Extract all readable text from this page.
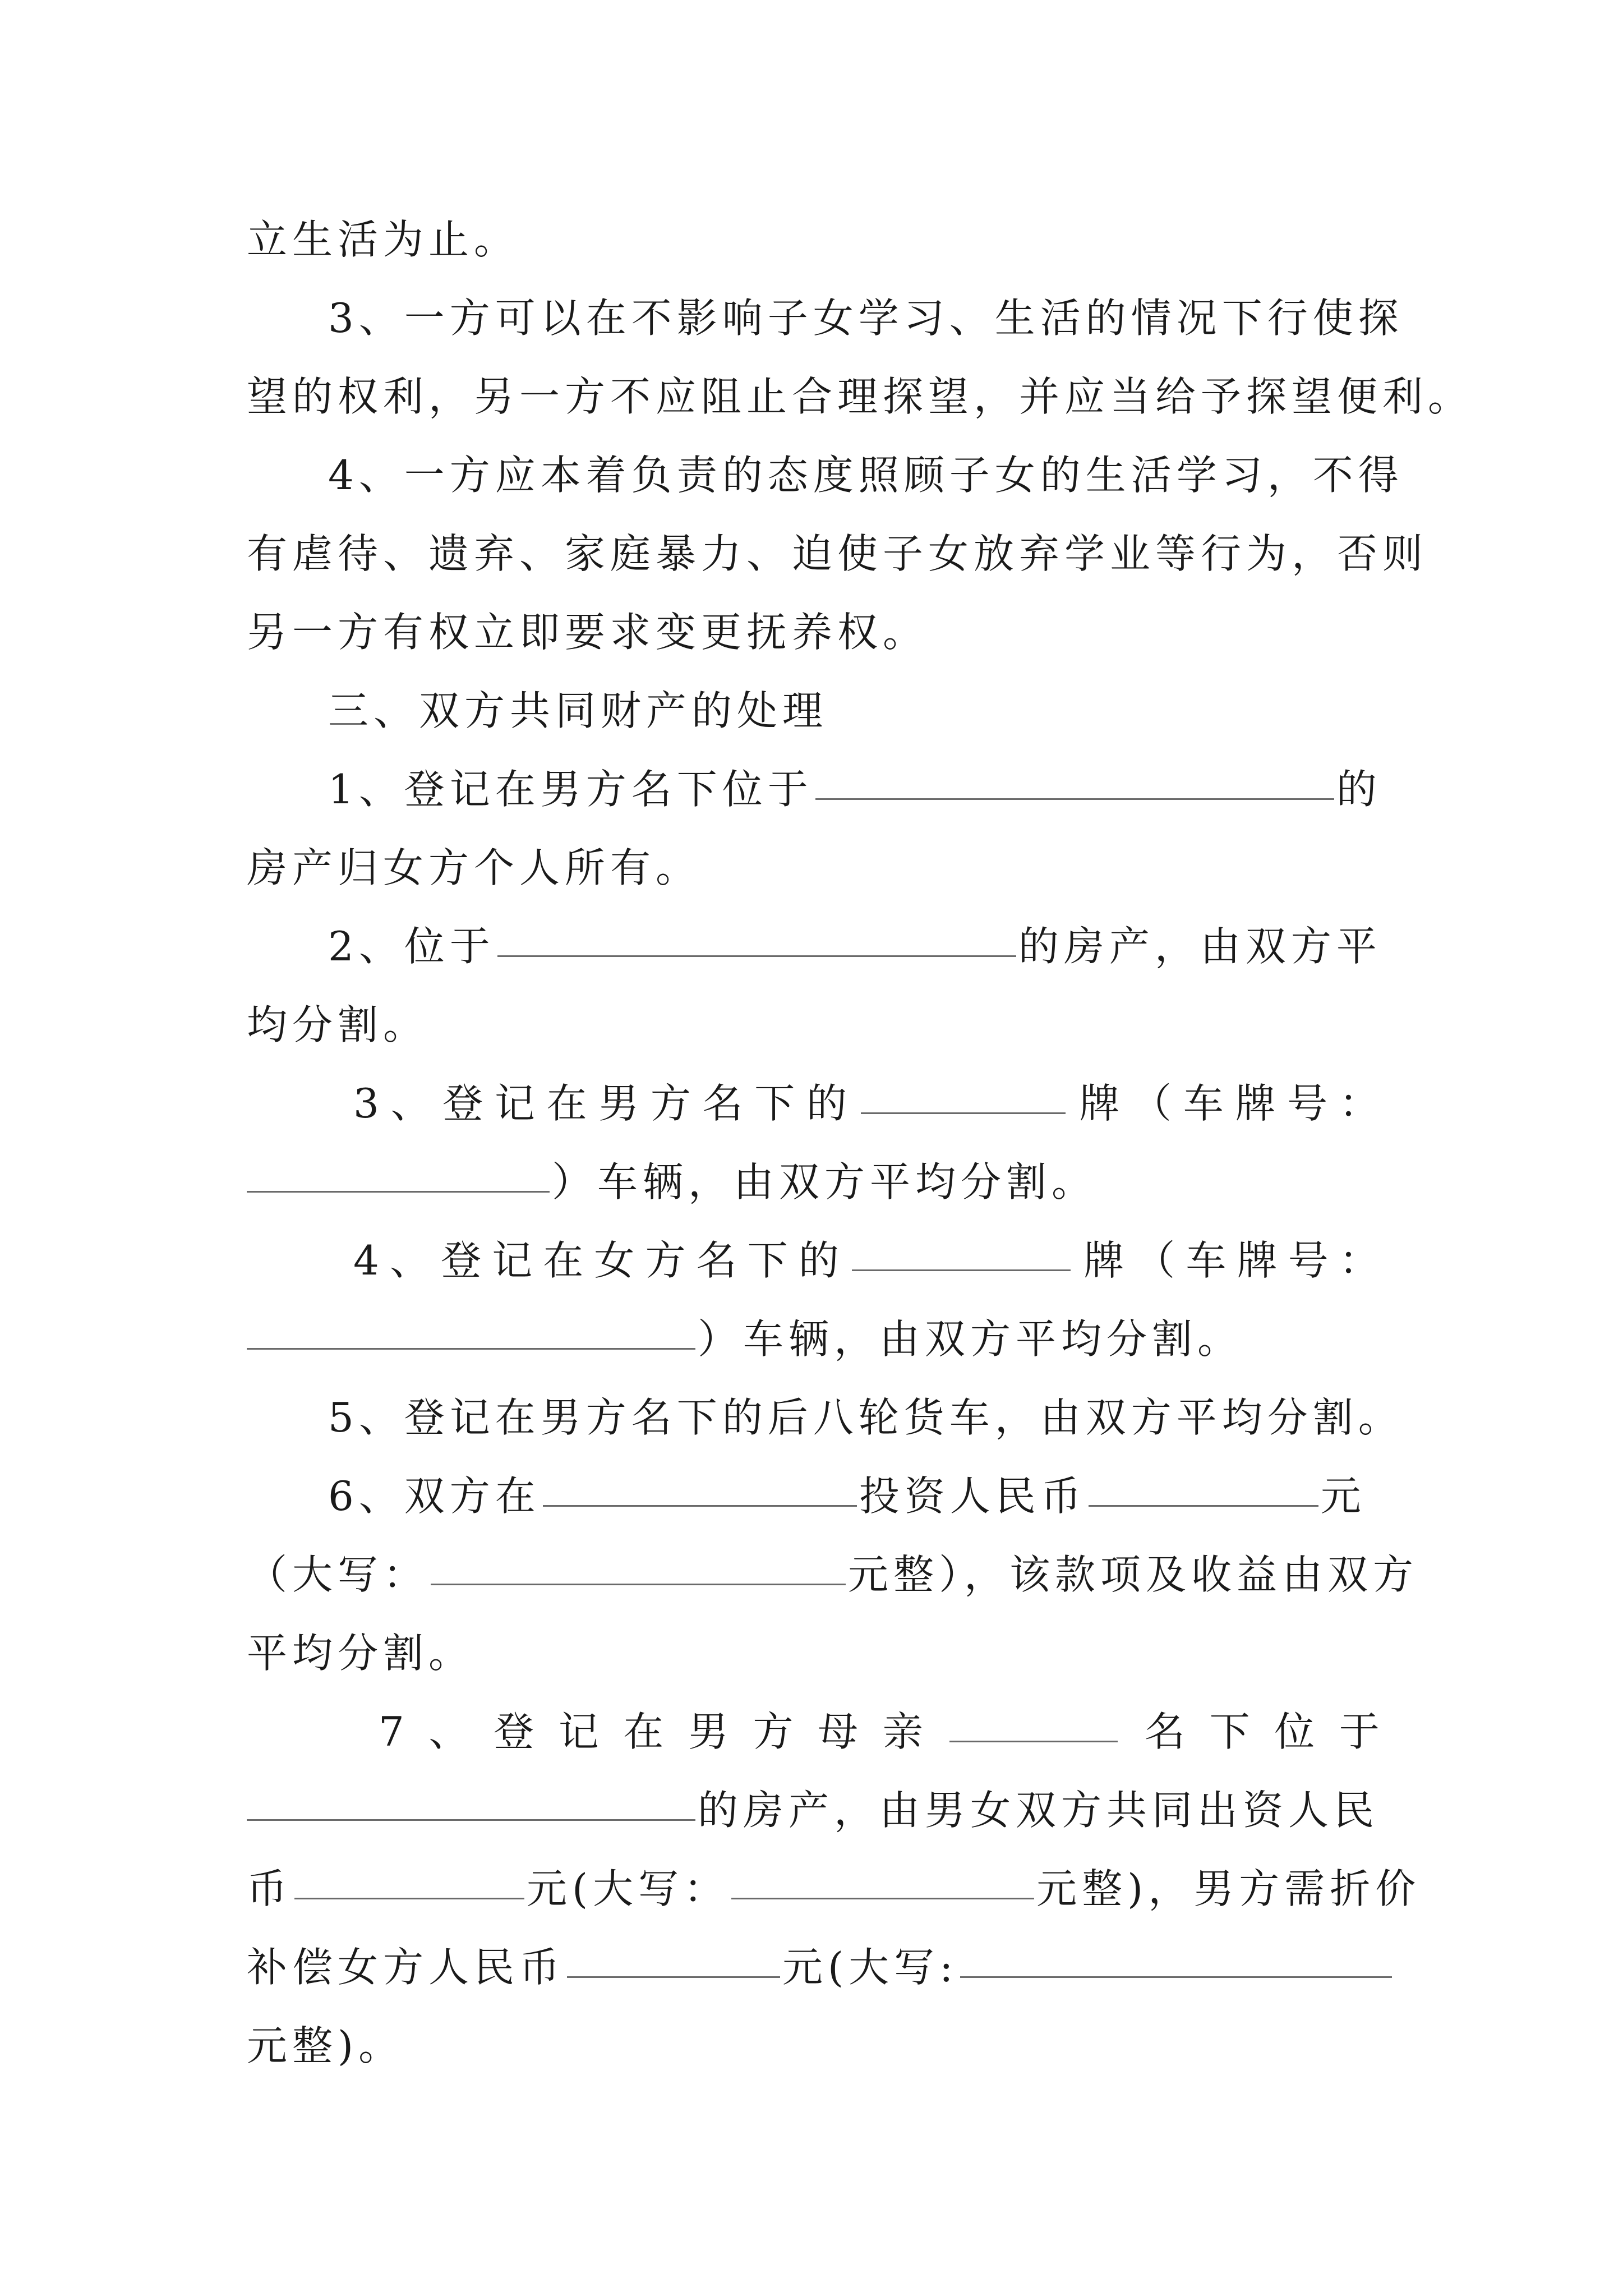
立生活为止。
3、一方可以在不影响子女学习、生活的情况下行使探
望的权利，另一方不应阻止合理探望，并应当给予探望便利。
4、一方应本着负责的态度照顾子女的生活学习，不得
有虐待、遗弃、家庭暴力、迫使子女放弃学业等行为，否则
另一方有权立即要求变更抚养权。
三、双方共同财产的处理
1、登记在男方名下位于	的
房产归女方个人所有。
2、位于	的房产，由双方平
均分割。
3 、 登 记 在 男 方 名 下 的	牌 （ 车 牌 号 ：
）车辆，由双方平均分割。
4 、 登 记 在 女 方 名 下 的	牌 （ 车 牌 号 ：
）车辆，由双方平均分割。
5、登记在男方名下的后八轮货车，由双方平均分割。
6、双方在	投资人民币	元
（大写：	元整），该款项及收益由双方
平均分割。
7 、 登 记 在 男 方 母 亲	名 下 位 于
的房产，由男女双方共同出资人民
币	元(大写：	元整)，男方需折价
补偿女方人民币	元(大写:
元整)。
